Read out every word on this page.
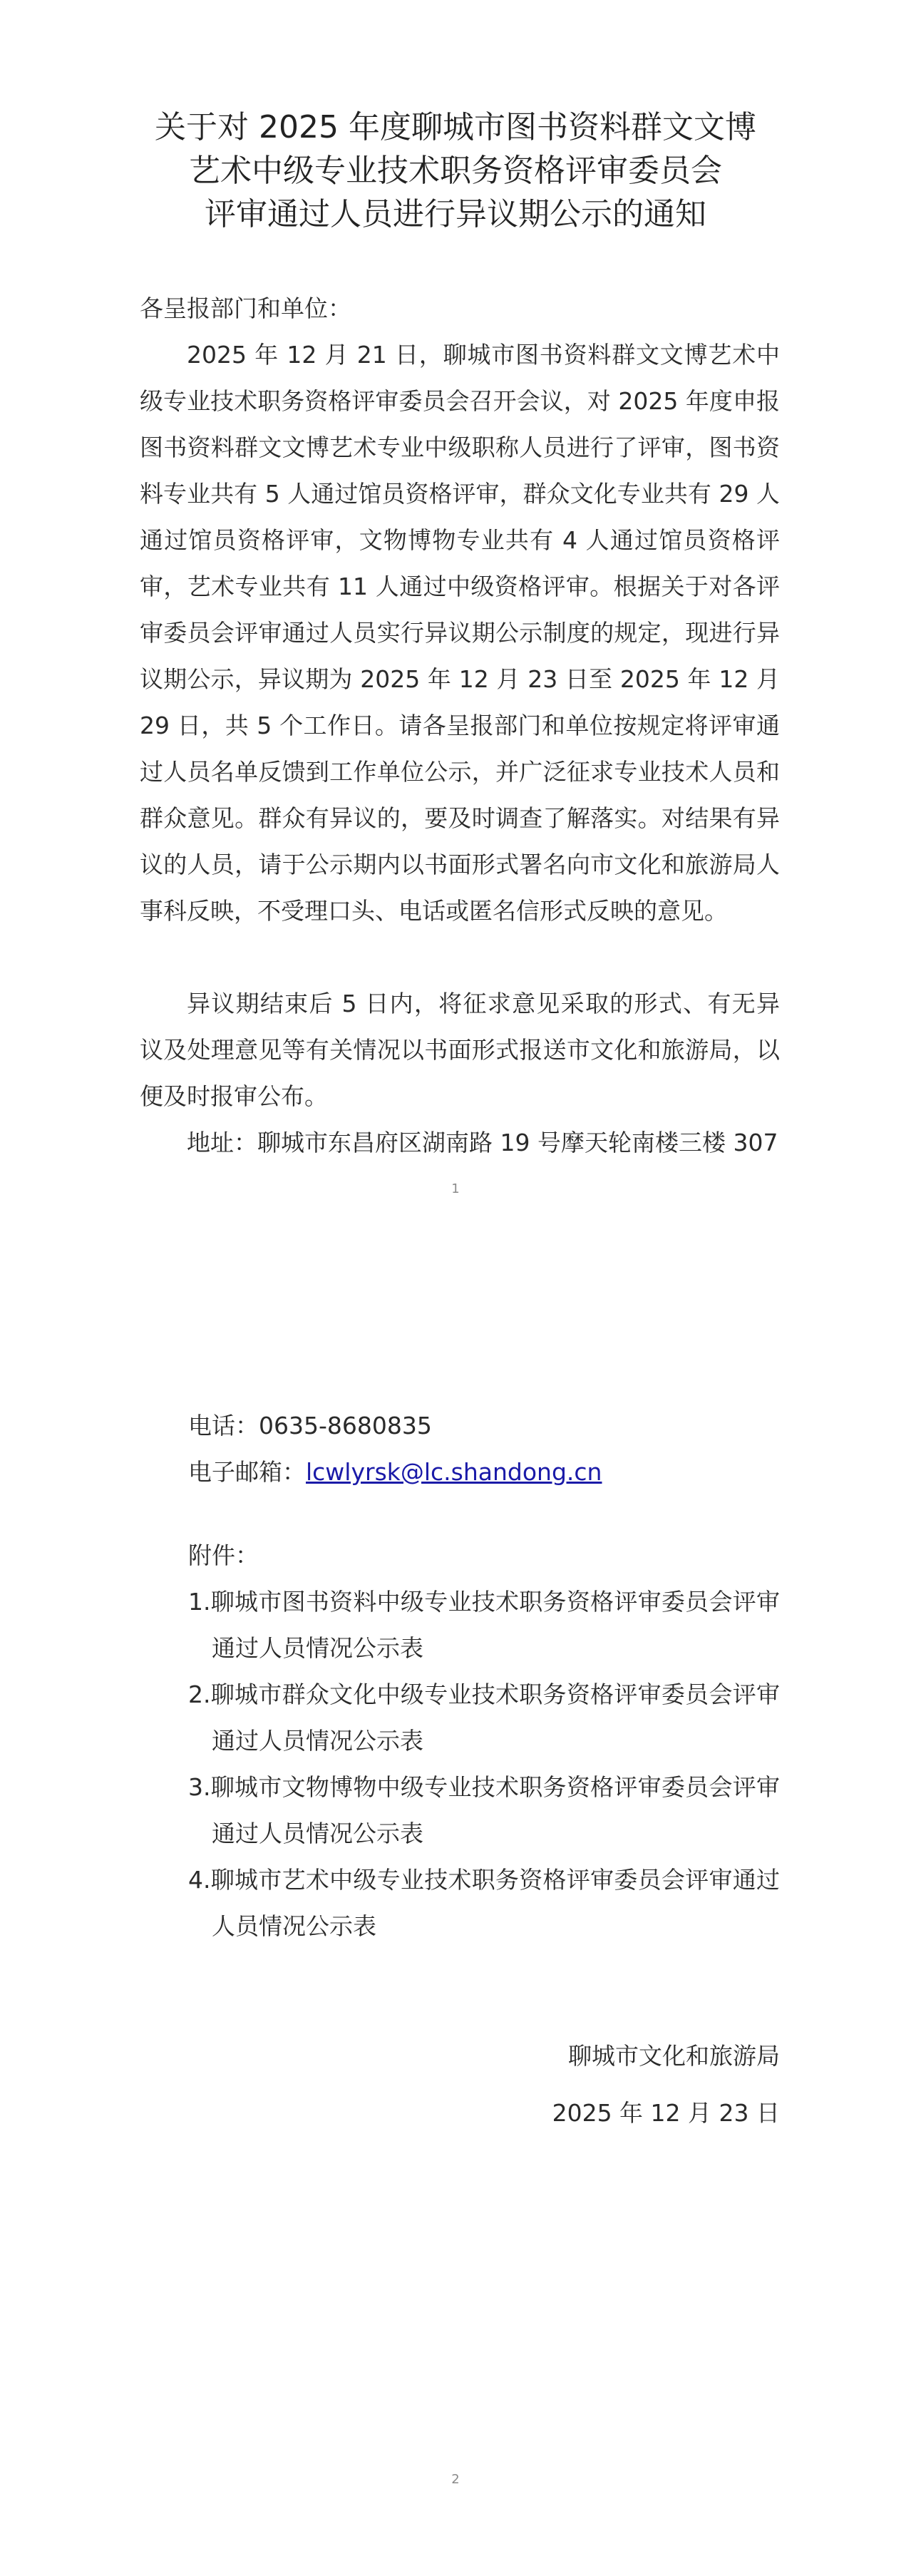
关于对 2025 年度聊城市图书资料群文文博
艺术中级专业技术职务资格评审委员会
评审通过人员进行异议期公示的通知
各呈报部门和单位：

2025 年 12 月 21 日，聊城市图书资料群文文博艺术中级专业技术职务资格评审委员会召开会议，对 2025 年度申报图书资料群文文博艺术专业中级职称人员进行了评审，图书资料专业共有 5 人通过馆员资格评审，群众文化专业共有 29 人通过馆员资格评审，文物博物专业共有 4 人通过馆员资格评审，艺术专业共有 11 人通过中级资格评审。根据关于对各评审委员会评审通过人员实行异议期公示制度的规定，现进行异议期公示，异议期为 2025 年 12 月 23 日至 2025 年 12 月 29 日，共 5 个工作日。请各呈报部门和单位按规定将评审通过人员名单反馈到工作单位公示，并广泛征求专业技术人员和群众意见。群众有异议的，要及时调查了解落实。对结果有异议的人员，请于公示期内以书面形式署名向市文化和旅游局人事科反映，不受理口头、电话或匿名信形式反映的意见。

异议期结束后 5 日内，将征求意见采取的形式、有无异议及处理意见等有关情况以书面形式报送市文化和旅游局，以便及时报审公布。

地址：聊城市东昌府区湖南路 19 号摩天轮南楼三楼 307

1
电话：0635-8680835
电子邮箱：lcwlyrsk@lc.shandong.cn
附件：
1.聊城市图书资料中级专业技术职务资格评审委员会评审通过人员情况公示表
2.聊城市群众文化中级专业技术职务资格评审委员会评审通过人员情况公示表
3.聊城市文物博物中级专业技术职务资格评审委员会评审通过人员情况公示表
4.聊城市艺术中级专业技术职务资格评审委员会评审通过人员情况公示表
聊城市文化和旅游局
2025 年 12 月 23 日
2
